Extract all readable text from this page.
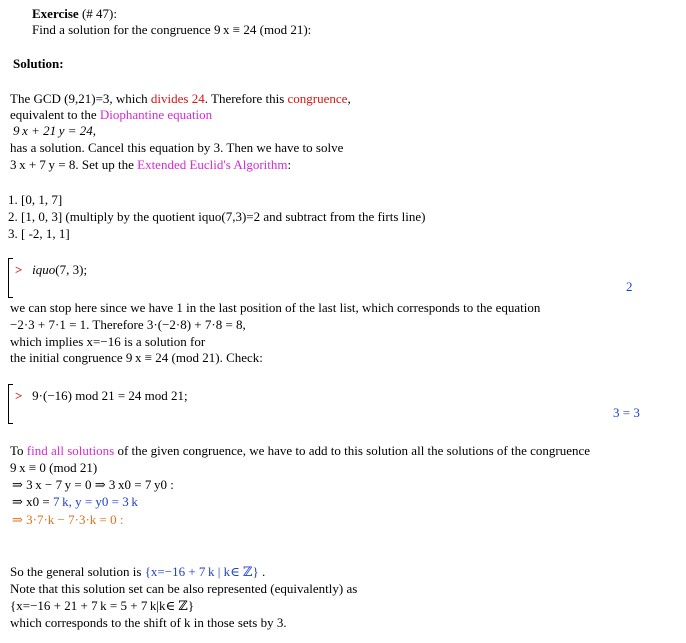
Exercise (# 47):
Find a solution for the congruence 9 x ≡ 24 (mod 21):
Solution:
The GCD (9,21)=3, which divides 24. Therefore this congruence,
equivalent to the Diophantine equation
9 x + 21 y = 24,
has a solution. Cancel this equation by 3. Then we have to solve
3 x + 7 y = 8. Set up the Extended Euclid's Algorithm:
1. [0, 1, 7]
2. [1, 0, 3] (multiply by the quotient iquo(7,3)=2 and subtract from the firts line)
3. [ -2, 1, 1]
> iquo(7, 3);
2
we can stop here since we have 1 in the last position of the last list, which corresponds to the equation
−2·3 + 7·1 = 1. Therefore 3·(−2·8) + 7·8 = 8,
which implies x=−16 is a solution for
the initial congruence 9 x ≡ 24 (mod 21). Check:
> 9·(−16) mod 21 = 24 mod 21;
3 = 3
To find all solutions of the given congruence, we have to add to this solution all the solutions of the congruence
9 x ≡ 0 (mod 21)
⇒ 3 x − 7 y = 0 ⇒ 3 x0 = 7 y0 :
⇒ x0 = 7 k, y = y0 = 3 k
⇒ 3·7·k − 7·3·k = 0 :
So the general solution is {x=−16 + 7 k | k∈ ℤ} .
Note that this solution set can be also represented (equivalently) as
{x=−16 + 21 + 7 k = 5 + 7 k|k∈ ℤ}
which corresponds to the shift of k in those sets by 3.
